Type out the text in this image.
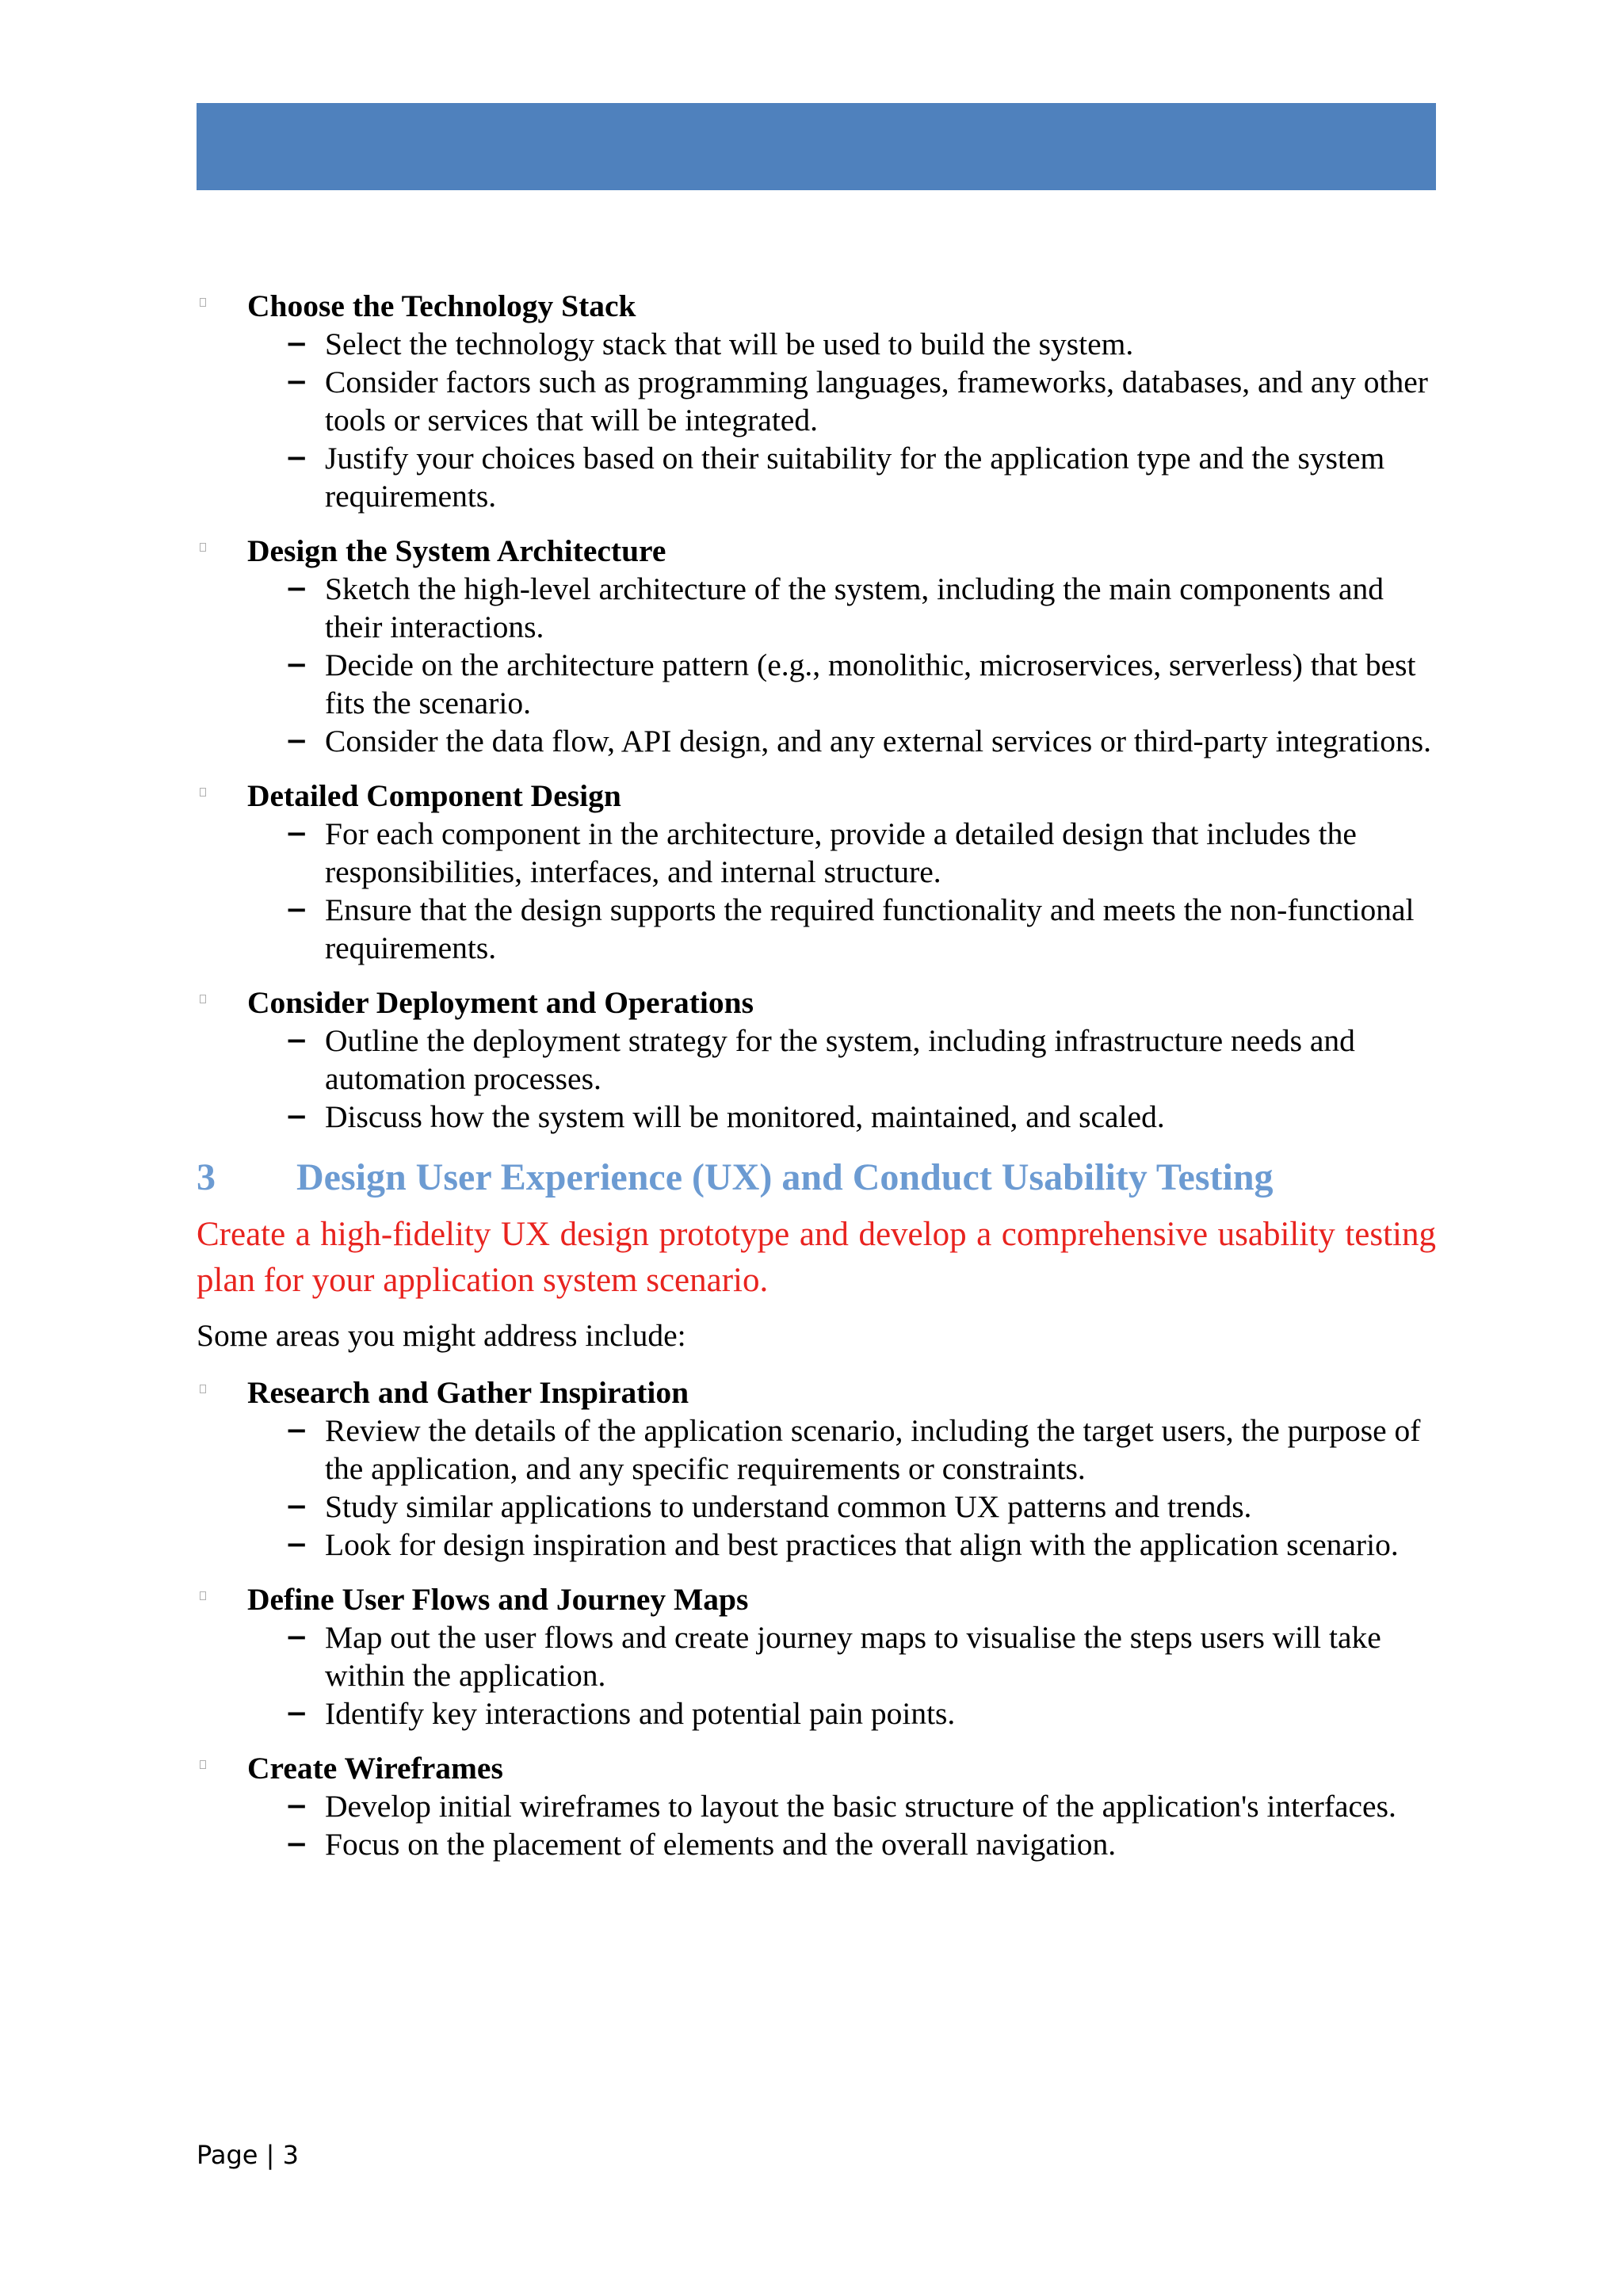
Choose the Technology Stack
− Select the technology stack that will be used to build the system.
− Consider factors such as programming languages, frameworks, databases, and any other tools or services that will be integrated.
− Justify your choices based on their suitability for the application type and the system requirements.
Design the System Architecture
− Sketch the high-level architecture of the system, including the main components and their interactions.
− Decide on the architecture pattern (e.g., monolithic, microservices, serverless) that best fits the scenario.
− Consider the data flow, API design, and any external services or third-party integrations.
Detailed Component Design
− For each component in the architecture, provide a detailed design that includes the responsibilities, interfaces, and internal structure.
− Ensure that the design supports the required functionality and meets the non-functional requirements.
Consider Deployment and Operations
− Outline the deployment strategy for the system, including infrastructure needs and automation processes.
− Discuss how the system will be monitored, maintained, and scaled.
3	Design User Experience (UX) and Conduct Usability Testing
Create a high-fidelity UX design prototype and develop a comprehensive usability testing plan for your application system scenario.
Some areas you might address include:
Research and Gather Inspiration
− Review the details of the application scenario, including the target users, the purpose of the application, and any specific requirements or constraints.
− Study similar applications to understand common UX patterns and trends.
− Look for design inspiration and best practices that align with the application scenario.
Define User Flows and Journey Maps
− Map out the user flows and create journey maps to visualise the steps users will take within the application.
− Identify key interactions and potential pain points.
Create Wireframes
− Develop initial wireframes to layout the basic structure of the application's interfaces.
− Focus on the placement of elements and the overall navigation.
Page | 3
